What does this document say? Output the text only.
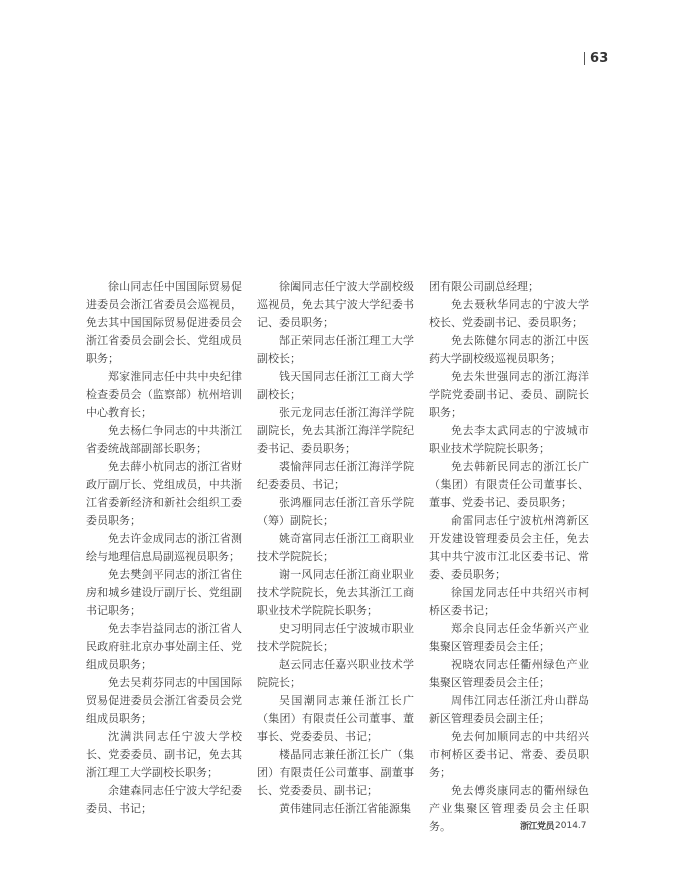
63

徐山同志任中国国际贸易促进委员会浙江省委员会巡视员，免去其中国国际贸易促进委员会浙江省委员会副会长、党组成员职务；

郑家淮同志任中共中央纪律检查委员会（监察部）杭州培训中心教育长；

免去杨仁争同志的中共浙江省委统战部副部长职务；

免去薛小杭同志的浙江省财政厅副厅长、党组成员，中共浙江省委新经济和新社会组织工委委员职务；

免去许金成同志的浙江省测绘与地理信息局副巡视员职务；

免去樊剑平同志的浙江省住房和城乡建设厅副厅长、党组副书记职务；

免去李岩益同志的浙江省人民政府驻北京办事处副主任、党组成员职务；

免去吴莉芬同志的中国国际贸易促进委员会浙江省委员会党组成员职务；

沈满洪同志任宁波大学校长、党委委员、副书记，免去其浙江理工大学副校长职务；

余建森同志任宁波大学纪委委员、书记；

徐阖同志任宁波大学副校级巡视员，免去其宁波大学纪委书记、委员职务；

郜正荣同志任浙江理工大学副校长；

钱天国同志任浙江工商大学副校长；

张元龙同志任浙江海洋学院副院长，免去其浙江海洋学院纪委书记、委员职务；

裘愉萍同志任浙江海洋学院纪委委员、书记；

张鸿雁同志任浙江音乐学院（筹）副院长；

姚奇富同志任浙江工商职业技术学院院长；

谢一风同志任浙江商业职业技术学院院长，免去其浙江工商职业技术学院院长职务；

史习明同志任宁波城市职业技术学院院长；

赵云同志任嘉兴职业技术学院院长；

吴国潮同志兼任浙江长广（集团）有限责任公司董事、董事长、党委委员、书记；

楼晶同志兼任浙江长广（集团）有限责任公司董事、副董事长、党委委员、副书记；

黄伟建同志任浙江省能源集

团有限公司副总经理；

免去聂秋华同志的宁波大学校长、党委副书记、委员职务；

免去陈健尔同志的浙江中医药大学副校级巡视员职务；

免去朱世强同志的浙江海洋学院党委副书记、委员、副院长职务；

免去李太武同志的宁波城市职业技术学院院长职务；

免去韩新民同志的浙江长广（集团）有限责任公司董事长、董事、党委书记、委员职务；

俞雷同志任宁波杭州湾新区开发建设管理委员会主任，免去其中共宁波市江北区委书记、常委、委员职务；

徐国龙同志任中共绍兴市柯桥区委书记；

郑余良同志任金华新兴产业集聚区管理委员会主任；

祝晓农同志任衢州绿色产业集聚区管理委员会主任；

周伟江同志任浙江舟山群岛新区管理委员会副主任；

免去何加顺同志的中共绍兴市柯桥区委书记、常委、委员职务；

免去傅炎康同志的衢州绿色产业集聚区管理委员会主任职务。	浙江党员 2014.7
